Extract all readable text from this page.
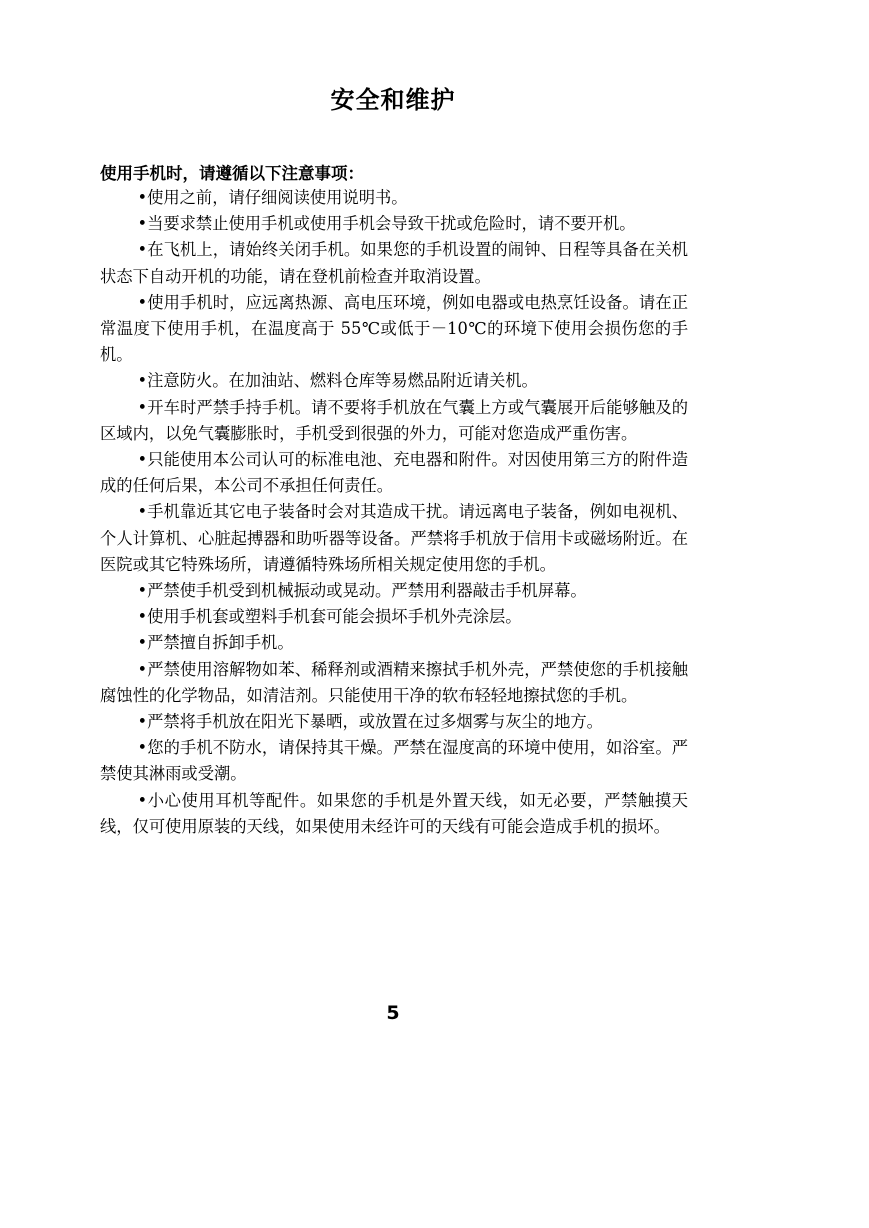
安全和维护
使用手机时，请遵循以下注意事项：
•使用之前，请仔细阅读使用说明书。
•当要求禁止使用手机或使用手机会导致干扰或危险时，请不要开机。
•在飞机上，请始终关闭手机。如果您的手机设置的闹钟、日程等具备在关机状态下自动开机的功能，请在登机前检查并取消设置。
•使用手机时，应远离热源、高电压环境，例如电器或电热烹饪设备。请在正常温度下使用手机，在温度高于 55℃或低于－10℃的环境下使用会损伤您的手机。
•注意防火。在加油站、燃料仓库等易燃品附近请关机。
•开车时严禁手持手机。请不要将手机放在气囊上方或气囊展开后能够触及的区域内，以免气囊膨胀时，手机受到很强的外力，可能对您造成严重伤害。
•只能使用本公司认可的标准电池、充电器和附件。对因使用第三方的附件造成的任何后果，本公司不承担任何责任。
•手机靠近其它电子装备时会对其造成干扰。请远离电子装备，例如电视机、个人计算机、心脏起搏器和助听器等设备。严禁将手机放于信用卡或磁场附近。在医院或其它特殊场所，请遵循特殊场所相关规定使用您的手机。
•严禁使手机受到机械振动或晃动。严禁用利器敲击手机屏幕。
•使用手机套或塑料手机套可能会损坏手机外壳涂层。
•严禁擅自拆卸手机。
•严禁使用溶解物如苯、稀释剂或酒精来擦拭手机外壳，严禁使您的手机接触腐蚀性的化学物品，如清洁剂。只能使用干净的软布轻轻地擦拭您的手机。
•严禁将手机放在阳光下暴晒，或放置在过多烟雾与灰尘的地方。
•您的手机不防水，请保持其干燥。严禁在湿度高的环境中使用，如浴室。严禁使其淋雨或受潮。
•小心使用耳机等配件。如果您的手机是外置天线，如无必要，严禁触摸天线，仅可使用原装的天线，如果使用未经许可的天线有可能会造成手机的损坏。
5
